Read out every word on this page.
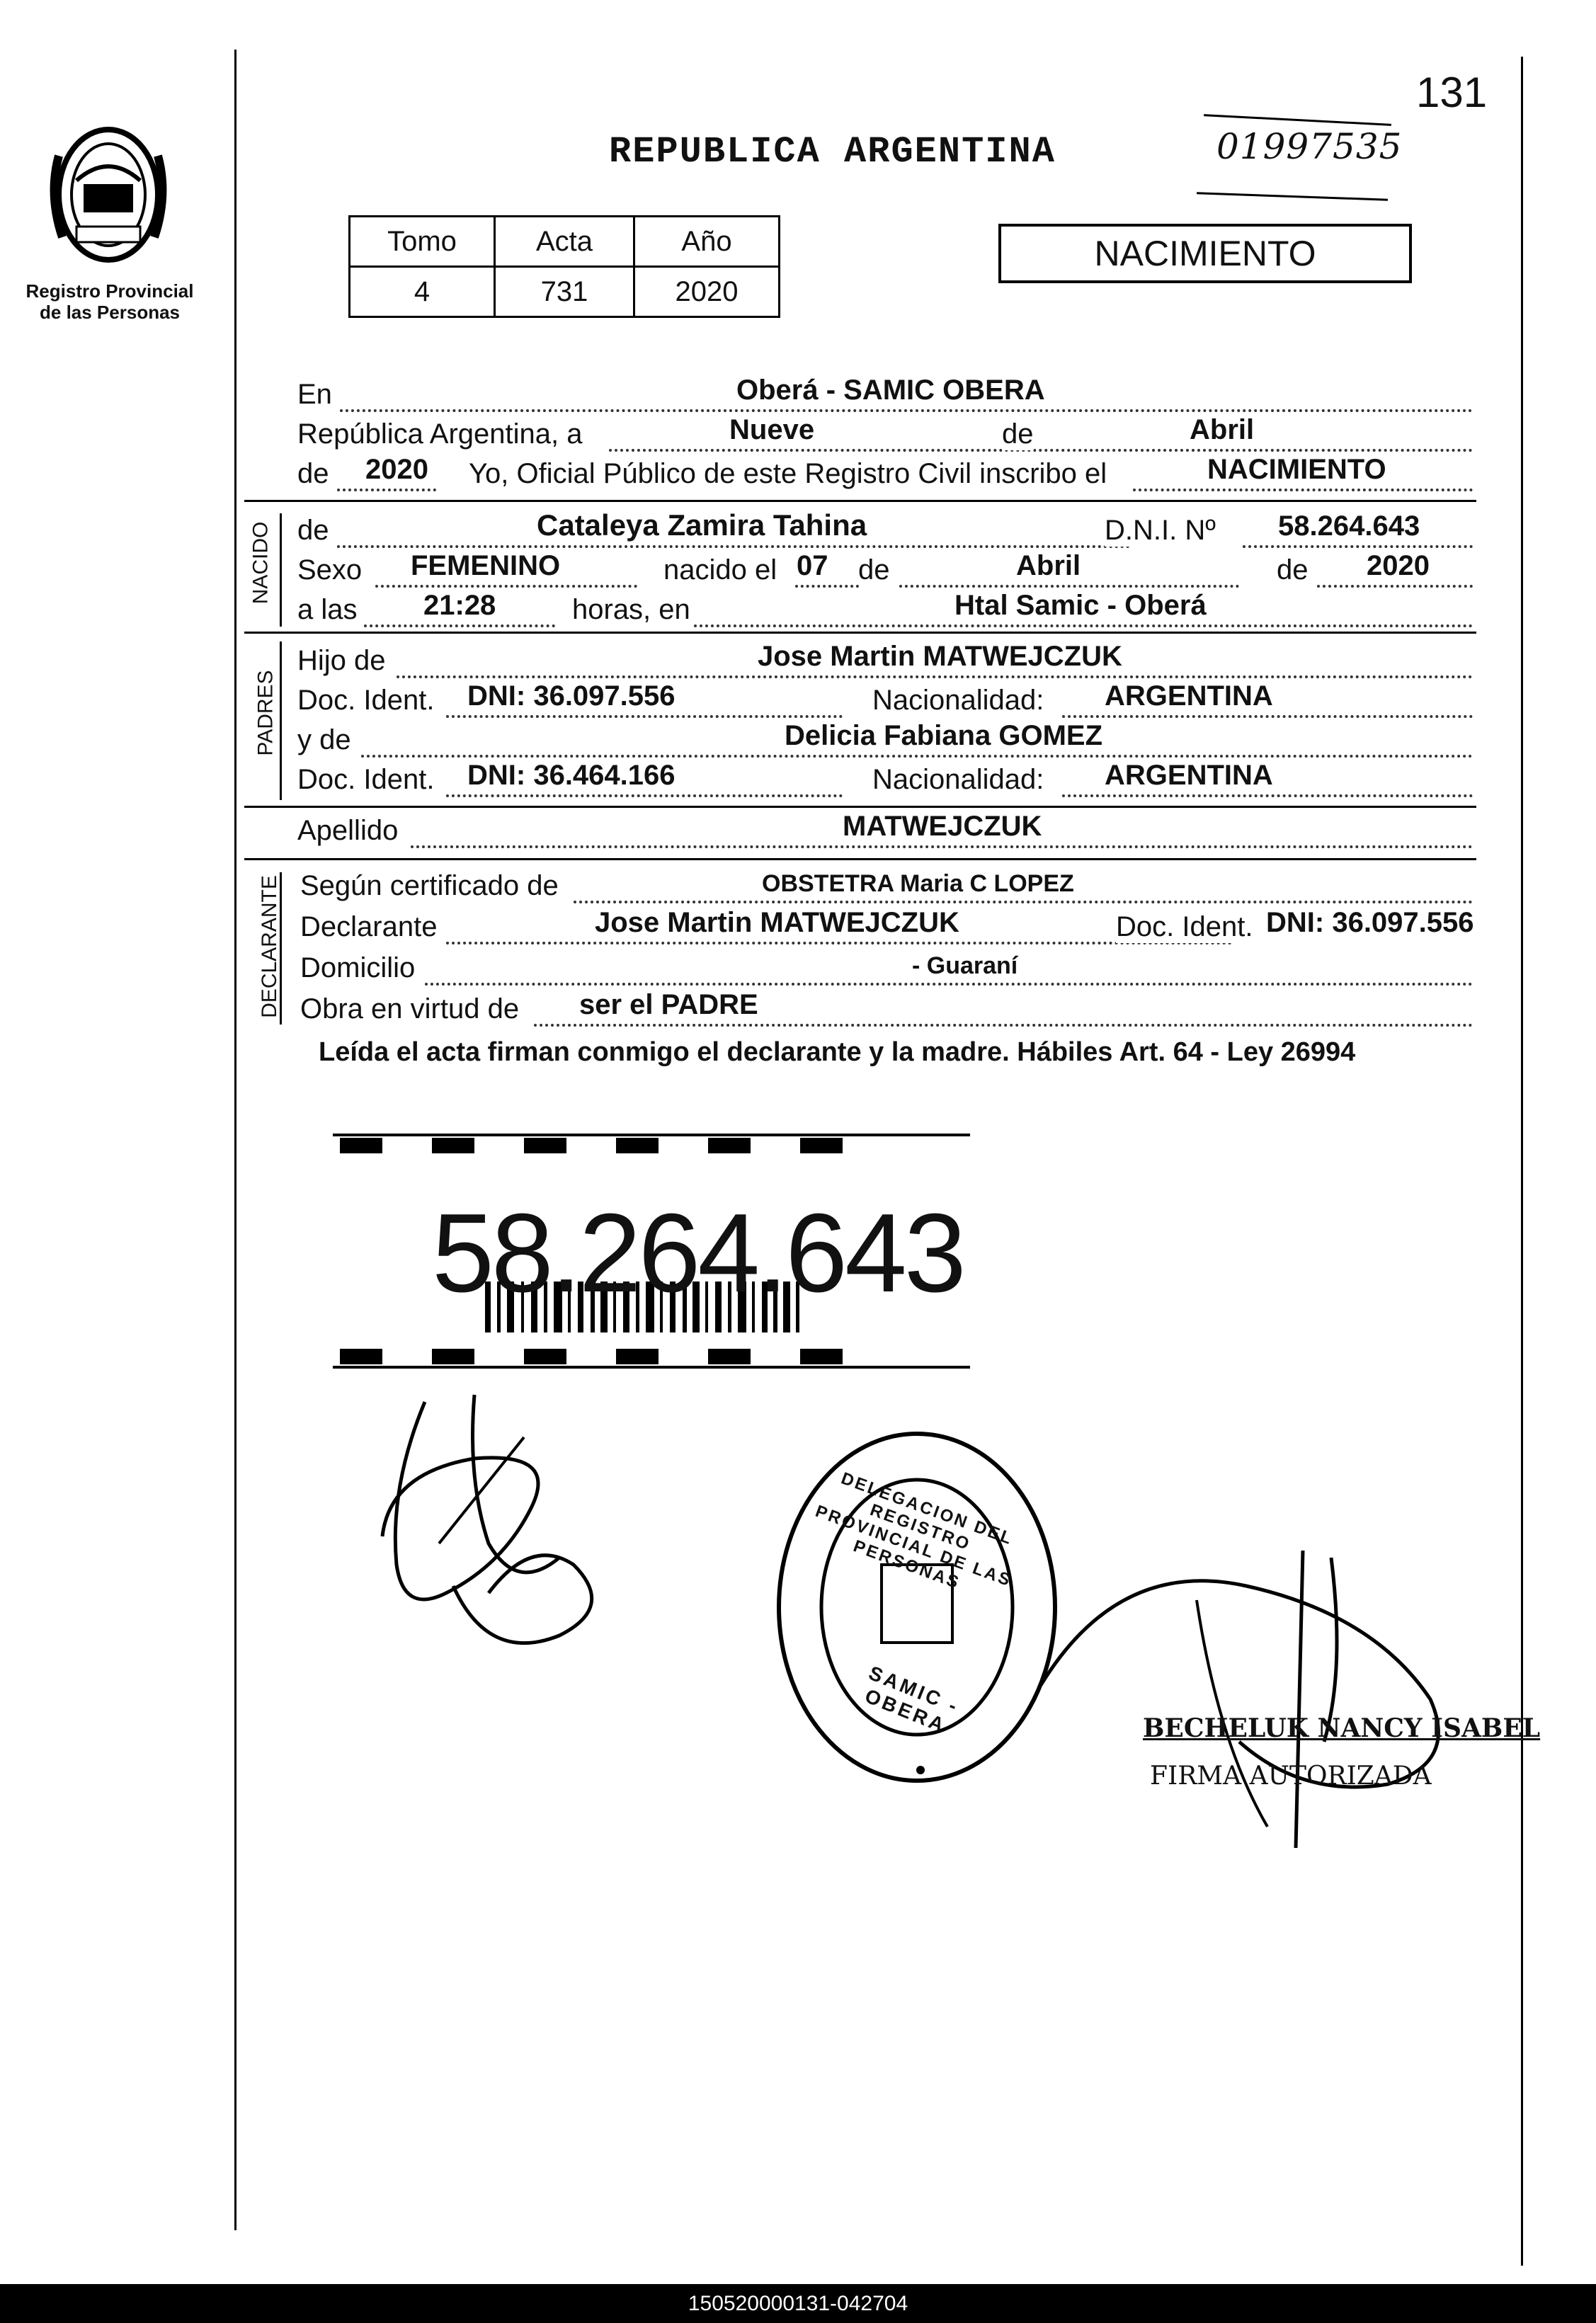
Registro Provincial
de las Personas
131
01997535
REPUBLICA ARGENTINA
Tomo	Acta	Año
4	731	2020
NACIMIENTO
En	Oberá - SAMIC OBERA
República Argentina, a	Nueve	de	Abril
de 2020 Yo, Oficial Público de este Registro Civil inscribo el	NACIMIENTO
NACIDO de	Cataleya Zamira Tahina	D.N.I. Nº 58.264.643
Sexo FEMENINO	nacido el 07 de	Abril	de 2020
a las 21:28	horas, en	Htal Samic - Oberá
PADRES
Hijo de	Jose Martin MATWEJCZUK
Doc. Ident. DNI: 36.097.556	Nacionalidad: ARGENTINA
y de	Delicia Fabiana GOMEZ
Doc. Ident. DNI: 36.464.166	Nacionalidad: ARGENTINA
Apellido	MATWEJCZUK
DECLARANTE Según certificado de	OBSTETRA Maria C LOPEZ
Declarante	Jose Martin MATWEJCZUK	Doc. Ident. DNI: 36.097.556
Domicilio	- Guaraní
Obra en virtud de ser el PADRE
Leída el acta firman conmigo el declarante y la madre. Hábiles Art. 64 - Ley 26994
58.264.643
DELEGACION DEL REGISTRO PROVINCIAL DE LAS PERSONAS
SAMIC - OBERA	BECHELUK NANCY ISABEL
FIRMA AUTORIZADA
150520000131-042704
